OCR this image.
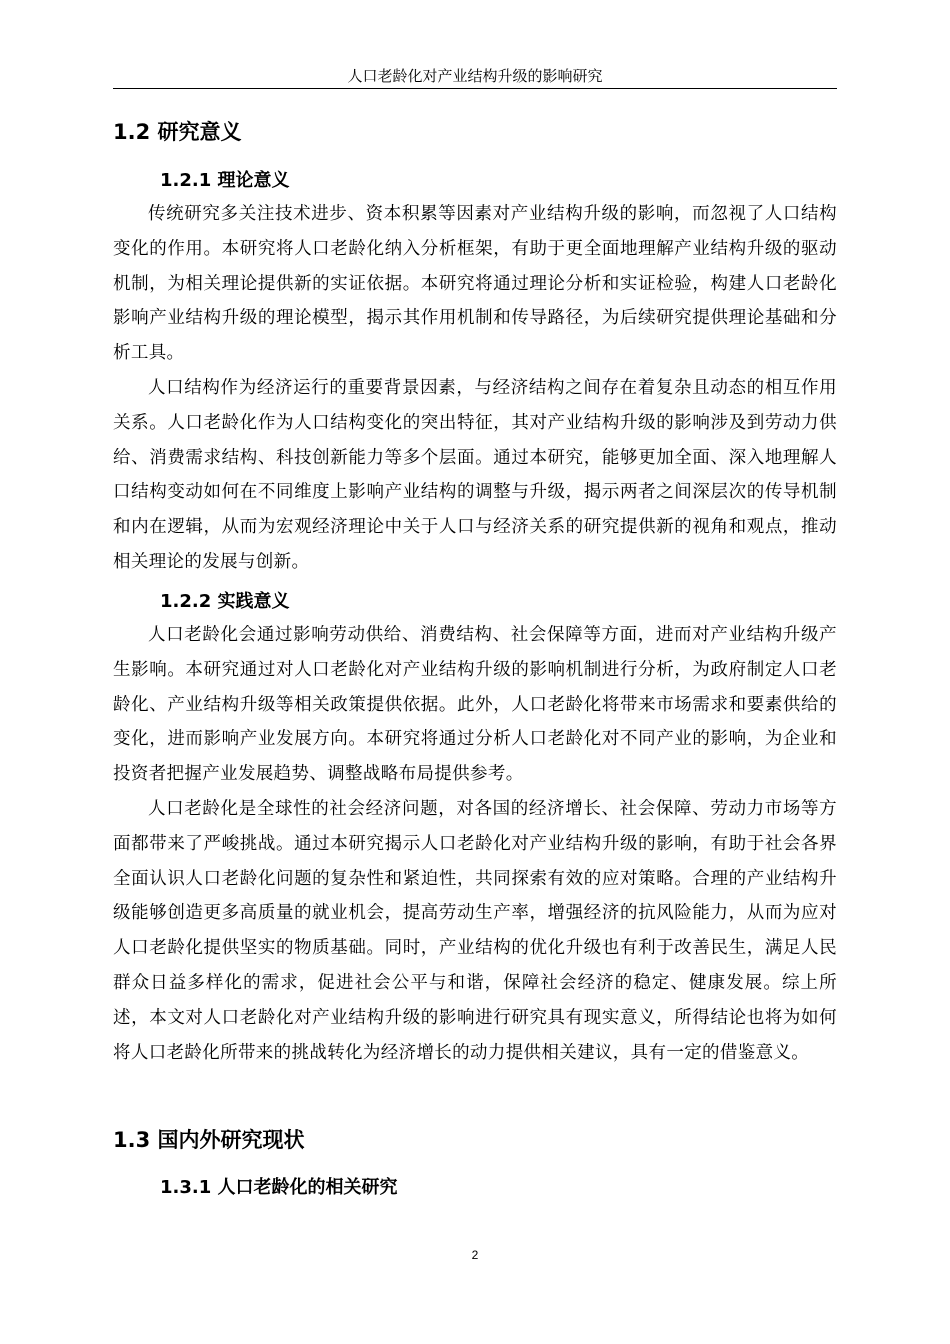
人口老龄化对产业结构升级的影响研究
1.2 研究意义
1.2.1 理论意义

传统研究多关注技术进步、资本积累等因素对产业结构升级的影响，而忽视了人口结构变化的作用。本研究将人口老龄化纳入分析框架，有助于更全面地理解产业结构升级的驱动机制，为相关理论提供新的实证依据。本研究将通过理论分析和实证检验，构建人口老龄化影响产业结构升级的理论模型，揭示其作用机制和传导路径，为后续研究提供理论基础和分析工具。

人口结构作为经济运行的重要背景因素，与经济结构之间存在着复杂且动态的相互作用关系。人口老龄化作为人口结构变化的突出特征，其对产业结构升级的影响涉及到劳动力供给、消费需求结构、科技创新能力等多个层面。通过本研究，能够更加全面、深入地理解人口结构变动如何在不同维度上影响产业结构的调整与升级，揭示两者之间深层次的传导机制和内在逻辑，从而为宏观经济理论中关于人口与经济关系的研究提供新的视角和观点，推动相关理论的发展与创新。

1.2.2 实践意义

人口老龄化会通过影响劳动供给、消费结构、社会保障等方面，进而对产业结构升级产生影响。本研究通过对人口老龄化对产业结构升级的影响机制进行分析，为政府制定人口老龄化、产业结构升级等相关政策提供依据。此外，人口老龄化将带来市场需求和要素供给的变化，进而影响产业发展方向。本研究将通过分析人口老龄化对不同产业的影响，为企业和投资者把握产业发展趋势、调整战略布局提供参考。

人口老龄化是全球性的社会经济问题，对各国的经济增长、社会保障、劳动力市场等方面都带来了严峻挑战。通过本研究揭示人口老龄化对产业结构升级的影响，有助于社会各界全面认识人口老龄化问题的复杂性和紧迫性，共同探索有效的应对策略。合理的产业结构升级能够创造更多高质量的就业机会，提高劳动生产率，增强经济的抗风险能力，从而为应对人口老龄化提供坚实的物质基础。同时，产业结构的优化升级也有利于改善民生，满足人民群众日益多样化的需求，促进社会公平与和谐，保障社会经济的稳定、健康发展。综上所述，本文对人口老龄化对产业结构升级的影响进行研究具有现实意义，所得结论也将为如何将人口老龄化所带来的挑战转化为经济增长的动力提供相关建议，具有一定的借鉴意义。

1.3 国内外研究现状
1.3.1 人口老龄化的相关研究
2
